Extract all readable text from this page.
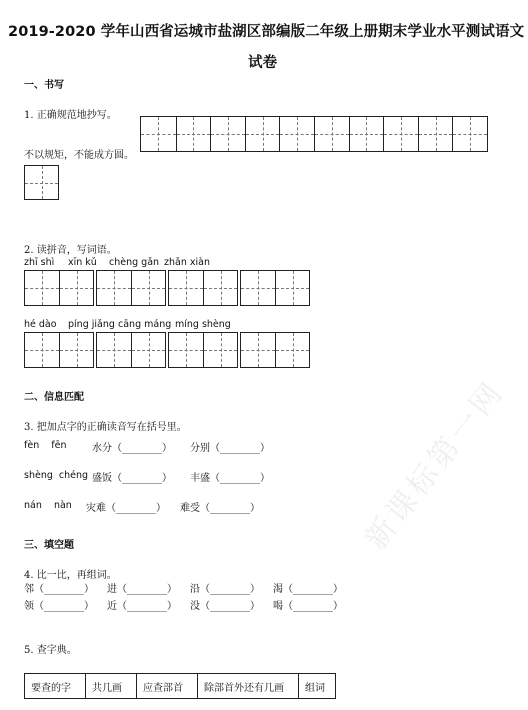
新课标第一网
2019-2020 学年山西省运城市盐湖区部编版二年级上册期末学业水平测试语文
试卷
一、书写
1. 正确规范地抄写。
不以规矩，不能成方圆。
2. 读拼音，写词语。
zhī shì xīn kǔ chèng gǎn zhǎn xiàn
hé dào píng jiǎng cāng máng míng shèng
二、信息匹配
3. 把加点字的正确读音写在括号里。
fèn    fēn	水分（________） 分别（________）
shèng  chéng 盛饭（________） 丰盛（________）
nán    nàn 灾难（________） 难受（________）
三、填空题
4. 比一比，再组词。
邻（________） 进（________） 沿（________） 渴（________）
领（________） 近（________） 没（________） 喝（________）
5. 查字典。
要查的字	共几画	应查部首	除部首外还有几画	组词
